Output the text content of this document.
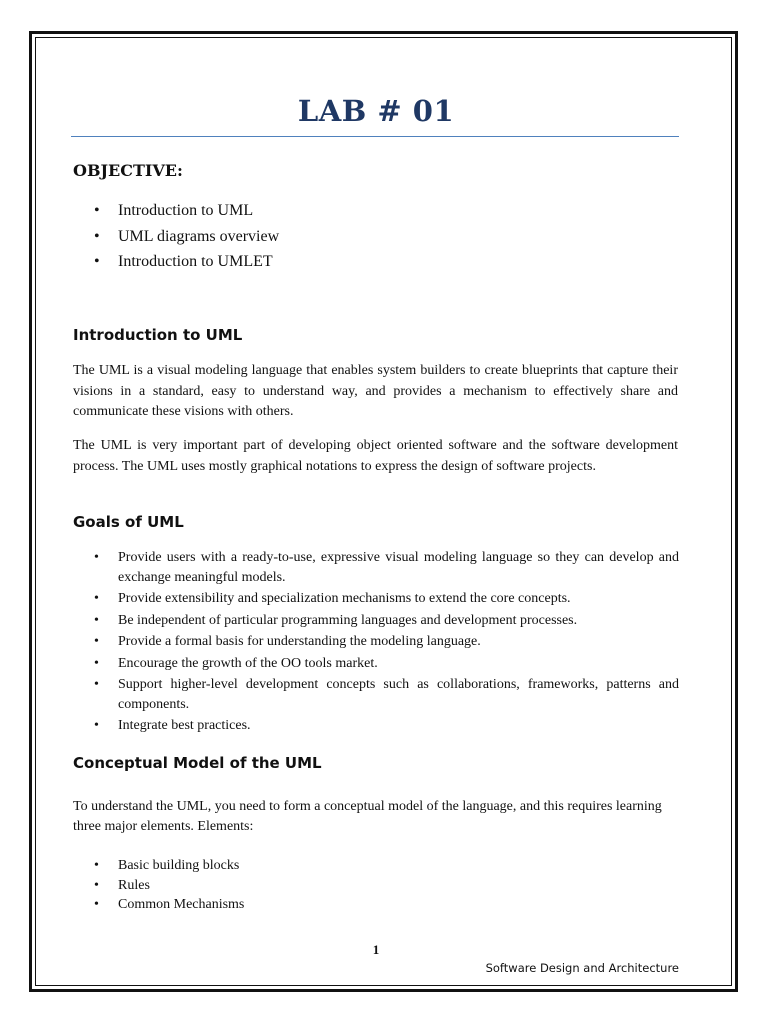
LAB # 01
OBJECTIVE:
• Introduction to UML
• UML diagrams overview
• Introduction to UMLET
Introduction to UML

The UML is a visual modeling language that enables system builders to create blueprints that capture their visions in a standard, easy to understand way, and provides a mechanism to effectively share and communicate these visions with others.

The UML is very important part of developing object oriented software and the software development process. The UML uses mostly graphical notations to express the design of software projects.

Goals of UML
• Provide users with a ready-to-use, expressive visual modeling language so they can develop and exchange meaningful models.
• Provide extensibility and specialization mechanisms to extend the core concepts.
• Be independent of particular programming languages and development processes.
• Provide a formal basis for understanding the modeling language.
• Encourage the growth of the OO tools market.
• Support higher-level development concepts such as collaborations, frameworks, patterns and components.
• Integrate best practices.
Conceptual Model of the UML

To understand the UML, you need to form a conceptual model of the language, and this requires learning three major elements. Elements:

• Basic building blocks
• Rules
• Common Mechanisms
1
Software Design and Architecture
